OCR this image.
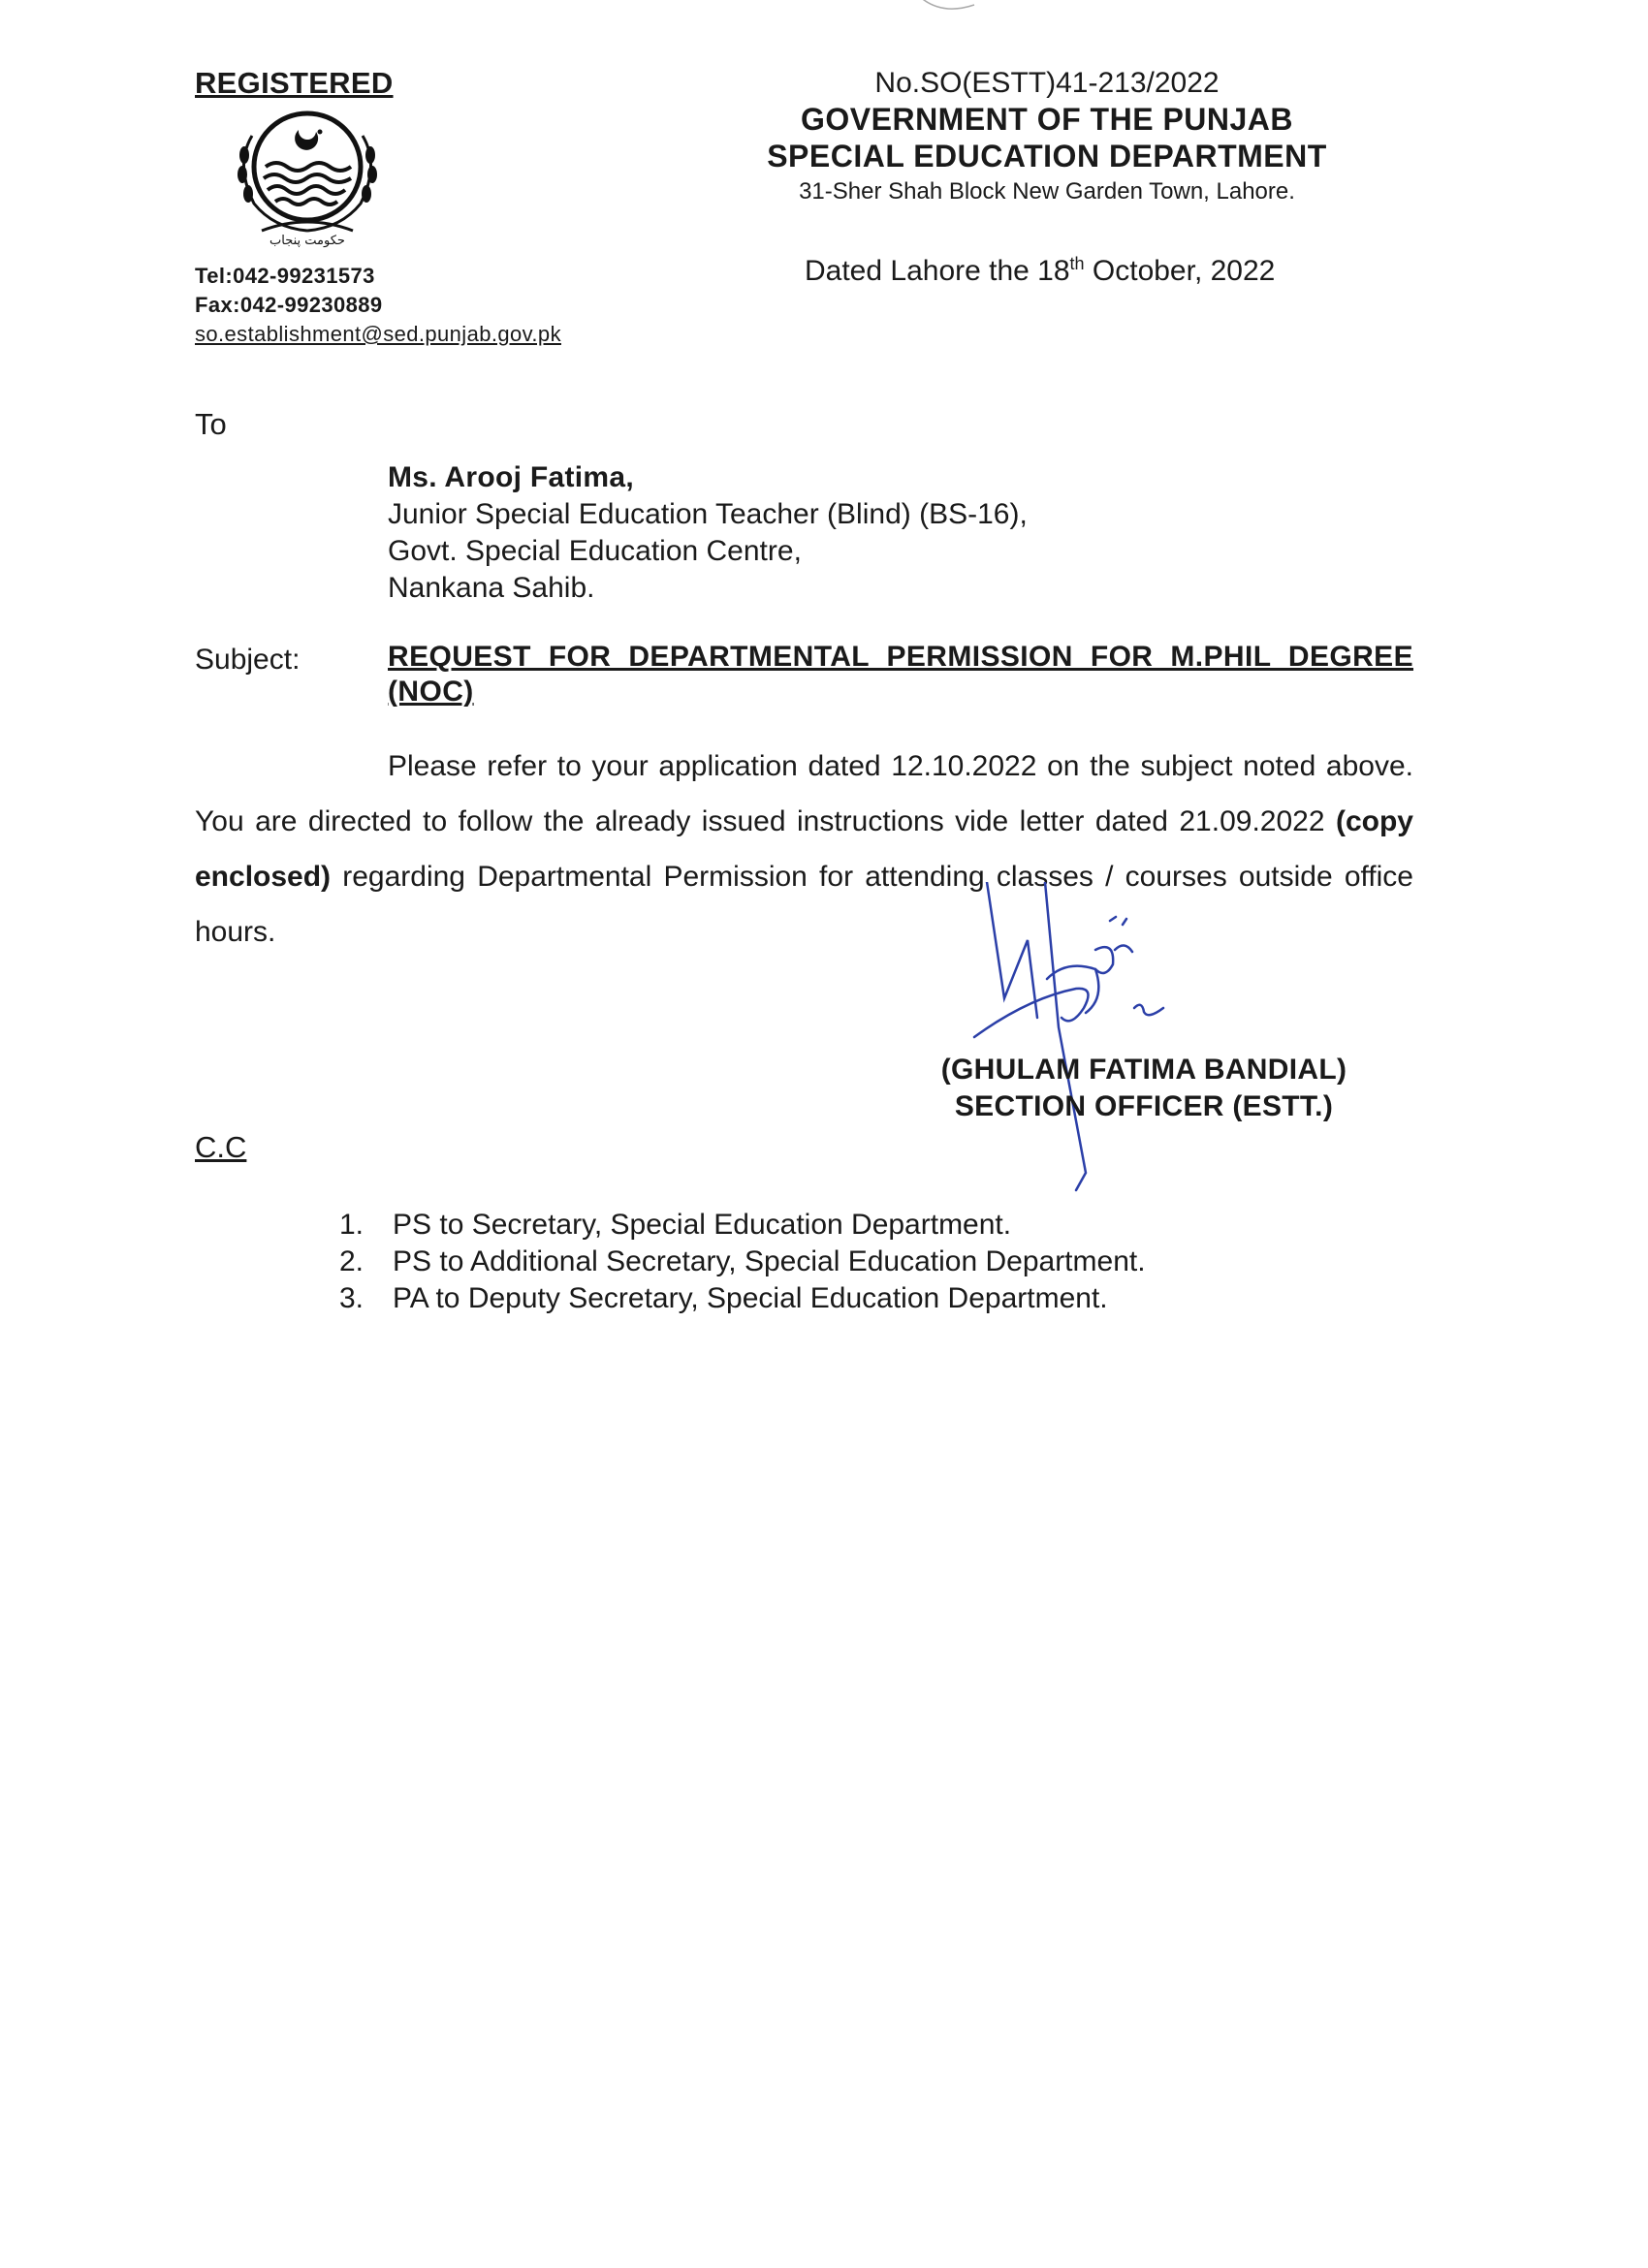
REGISTERED
حکومت پنجاب
Tel:042-99231573
Fax:042-99230889
so.establishment@sed.punjab.gov.pk
No.SO(ESTT)41-213/2022
GOVERNMENT OF THE PUNJAB
SPECIAL EDUCATION DEPARTMENT
31-Sher Shah Block New Garden Town, Lahore.
Dated Lahore the 18th October, 2022
To
Ms. Arooj Fatima,
Junior Special Education Teacher (Blind) (BS-16),
Govt. Special Education Centre,
Nankana Sahib.
Subject:	REQUEST FOR DEPARTMENTAL PERMISSION FOR M.PHIL DEGREE (NOC)
Please refer to your application dated 12.10.2022 on the subject noted above. You are directed to follow the already issued instructions vide letter dated 21.09.2022 (copy enclosed) regarding Departmental Permission for attending classes / courses outside office hours.
(GHULAM FATIMA BANDIAL)
SECTION OFFICER (ESTT.)
C.C
1. PS to Secretary, Special Education Department.
2. PS to Additional Secretary, Special Education Department.
3. PA to Deputy Secretary, Special Education Department.
